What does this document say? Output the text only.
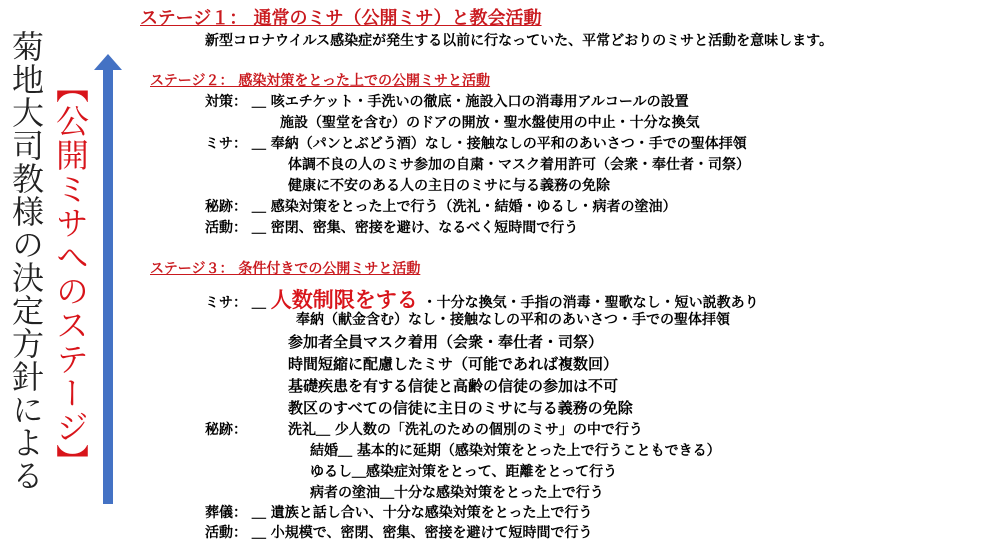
菊地大司教様の決定方針による 【公開ミサへのステージ】
ステージ１： 通常のミサ（公開ミサ）と教会活動
新型コロナウイルス感染症が発生する以前に行なっていた、平常どおりのミサと活動を意味します。
ステージ２： 感染対策をとった上での公開ミサと活動
対策： ＿ 咳エチケット・手洗いの徹底・施設入口の消毒用アルコールの設置
施設（聖堂を含む）のドアの開放・聖水盤使用の中止・十分な換気
ミサ： ＿ 奉納（パンとぶどう酒）なし・接触なしの平和のあいさつ・手での聖体拝領
体調不良の人のミサ参加の自粛・マスク着用許可（会衆・奉仕者・司祭）
健康に不安のある人の主日のミサに与る義務の免除
秘跡： ＿ 感染対策をとった上で行う（洗礼・結婚・ゆるし・病者の塗油）
活動： ＿ 密閉、密集、密接を避け、なるべく短時間で行う
ステージ３： 条件付きでの公開ミサと活動
ミサ： ＿ 人数制限をする ・十分な換気・手指の消毒・聖歌なし・短い説教あり
奉納（献金含む）なし・接触なしの平和のあいさつ・手での聖体拝領
参加者全員マスク着用（会衆・奉仕者・司祭）
時間短縮に配慮したミサ（可能であれば複数回）
基礎疾患を有する信徒と高齢の信徒の参加は不可
教区のすべての信徒に主日のミサに与る義務の免除
秘跡：	洗礼＿ 少人数の「洗礼のための個別のミサ」の中で行う
結婚＿ 基本的に延期（感染対策をとった上で行うこともできる）
ゆるし＿感染症対策をとって、距離をとって行う
病者の塗油＿十分な感染対策をとった上で行う
葬儀： ＿ 遺族と話し合い、十分な感染対策をとった上で行う
活動： ＿ 小規模で、密閉、密集、密接を避けて短時間で行う
